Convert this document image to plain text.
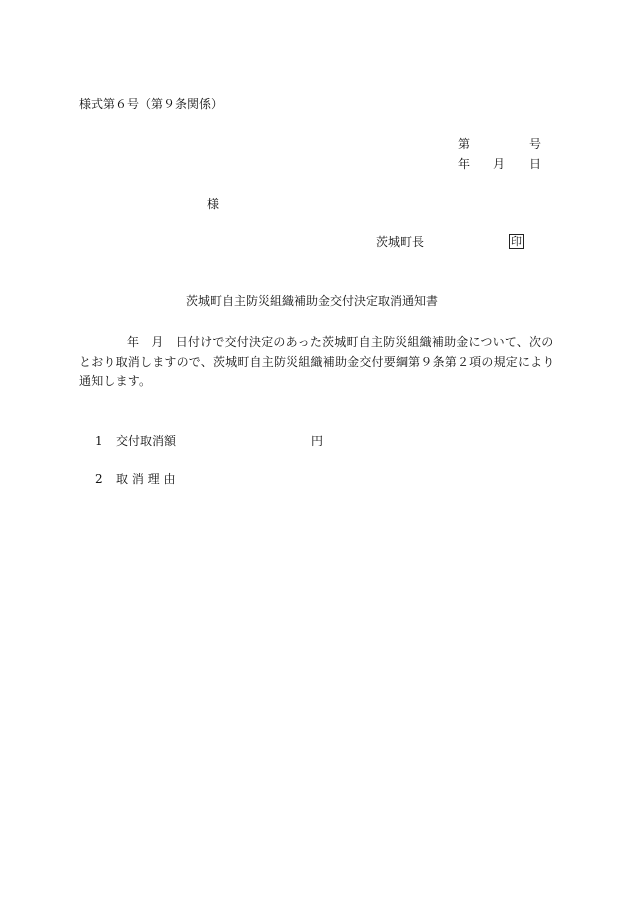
様式第６号（第９条関係）
第	号
年 月 日
様
茨城町長	印
茨城町自主防災組織補助金交付決定取消通知書
年　月　日付けで交付決定のあった茨城町自主防災組織補助金について、次の
とおり取消しますので、茨城町自主防災組織補助金交付要綱第９条第２項の規定により
通知します。
1 交付取消額	円
2 取 消 理 由
